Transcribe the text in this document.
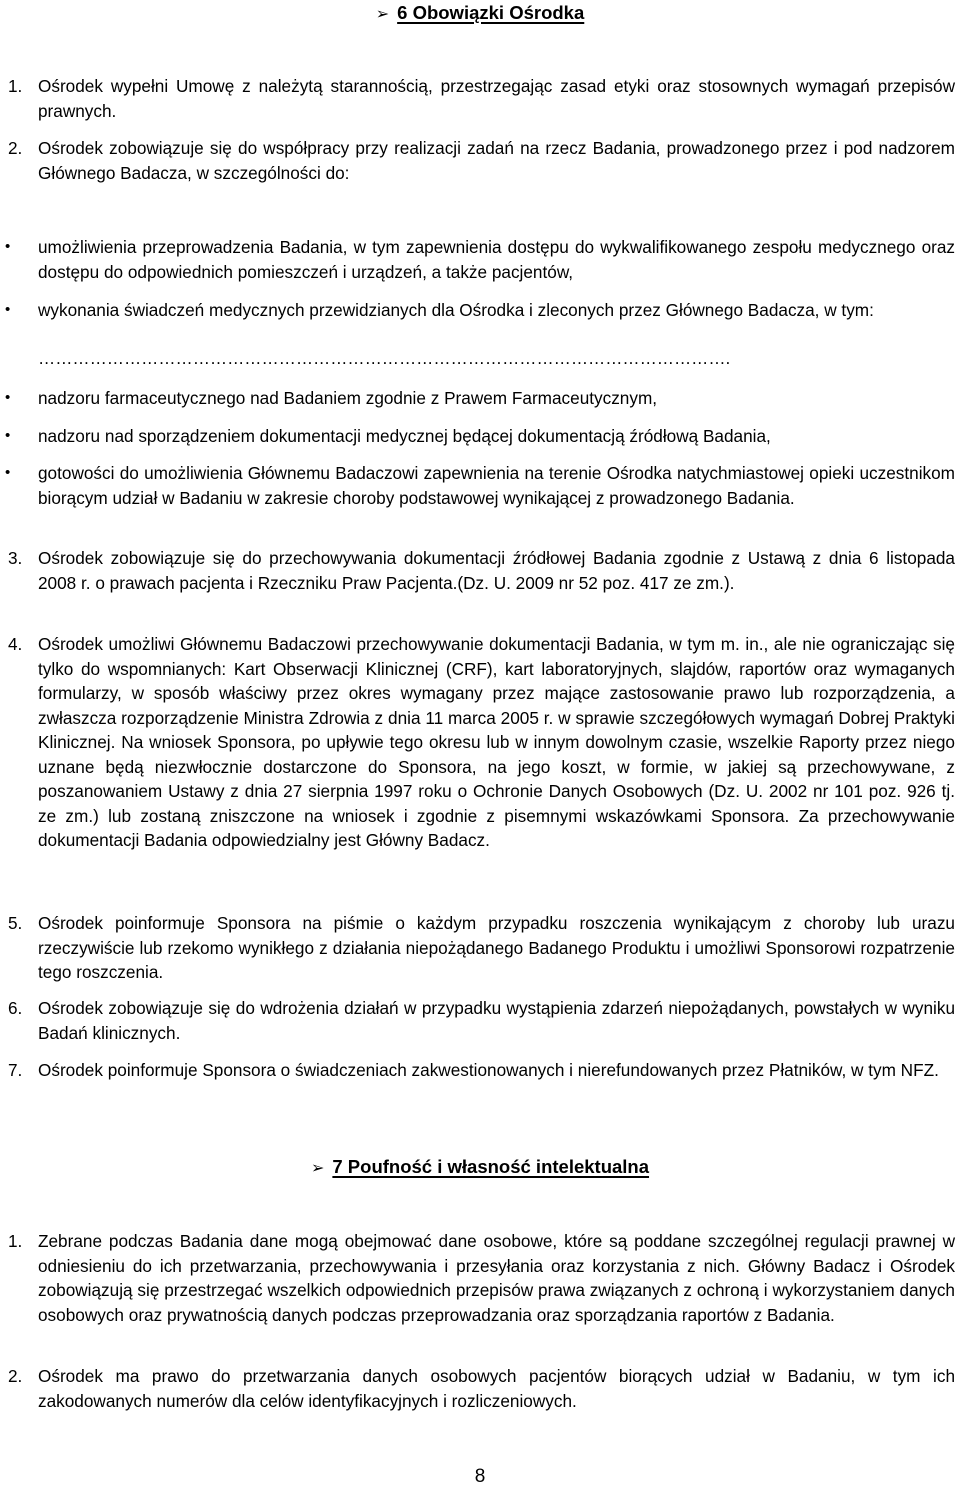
➢ 6 Obowiązki Ośrodka
1. Ośrodek wypełni Umowę z należytą starannością, przestrzegając zasad etyki oraz stosownych wymagań przepisów prawnych.
2. Ośrodek zobowiązuje się do współpracy przy realizacji zadań na rzecz Badania, prowadzonego przez i pod nadzorem Głównego Badacza, w szczególności do:
• umożliwienia przeprowadzenia Badania, w tym zapewnienia dostępu do wykwalifikowanego zespołu medycznego oraz dostępu do odpowiednich pomieszczeń i urządzeń, a także pacjentów,
• wykonania świadczeń medycznych przewidzianych dla Ośrodka i zleconych przez Głównego Badacza, w tym:
………………………………………………………………………………………………………….
• nadzoru farmaceutycznego nad Badaniem zgodnie z Prawem Farmaceutycznym,
• nadzoru nad sporządzeniem dokumentacji medycznej będącej dokumentacją źródłową Badania,
• gotowości do umożliwienia Głównemu Badaczowi zapewnienia na terenie Ośrodka natychmiastowej opieki uczestnikom biorącym udział w Badaniu w zakresie choroby podstawowej wynikającej z prowadzonego Badania.
3. Ośrodek zobowiązuje się do przechowywania dokumentacji źródłowej Badania zgodnie z Ustawą z dnia 6 listopada 2008 r. o prawach pacjenta i Rzeczniku Praw Pacjenta.(Dz. U. 2009 nr 52 poz. 417 ze zm.).
4. Ośrodek umożliwi Głównemu Badaczowi przechowywanie dokumentacji Badania, w tym m. in., ale nie ograniczając się tylko do wspomnianych: Kart Obserwacji Klinicznej (CRF), kart laboratoryjnych, slajdów, raportów oraz wymaganych formularzy, w sposób właściwy przez okres wymagany przez mające zastosowanie prawo lub rozporządzenia, a zwłaszcza rozporządzenie Ministra Zdrowia z dnia 11 marca 2005 r. w sprawie szczegółowych wymagań Dobrej Praktyki Klinicznej. Na wniosek Sponsora, po upływie tego okresu lub w innym dowolnym czasie, wszelkie Raporty przez niego uznane będą niezwłocznie dostarczone do Sponsora, na jego koszt, w formie, w jakiej są przechowywane, z poszanowaniem Ustawy z dnia 27 sierpnia 1997 roku o Ochronie Danych Osobowych (Dz. U. 2002 nr 101 poz. 926 tj. ze zm.) lub zostaną zniszczone na wniosek i zgodnie z pisemnymi wskazówkami Sponsora. Za przechowywanie dokumentacji Badania odpowiedzialny jest Główny Badacz.
5. Ośrodek poinformuje Sponsora na piśmie o każdym przypadku roszczenia wynikającym z choroby lub urazu rzeczywiście lub rzekomo wynikłego z działania niepożądanego Badanego Produktu i umożliwi Sponsorowi rozpatrzenie tego roszczenia.
6. Ośrodek zobowiązuje się do wdrożenia działań w przypadku wystąpienia zdarzeń niepożądanych, powstałych w wyniku Badań klinicznych.
7. Ośrodek poinformuje Sponsora o świadczeniach zakwestionowanych i nierefundowanych przez Płatników, w tym NFZ.
➢ 7 Poufność i własność intelektualna
1. Zebrane podczas Badania dane mogą obejmować dane osobowe, które są poddane szczególnej regulacji prawnej w odniesieniu do ich przetwarzania, przechowywania i przesyłania oraz korzystania z nich. Główny Badacz i Ośrodek zobowiązują się przestrzegać wszelkich odpowiednich przepisów prawa związanych z ochroną i wykorzystaniem danych osobowych oraz prywatnością danych podczas przeprowadzania oraz sporządzania raportów z Badania.
2. Ośrodek ma prawo do przetwarzania danych osobowych pacjentów biorących udział w Badaniu, w tym ich zakodowanych numerów dla celów identyfikacyjnych i rozliczeniowych.
8
